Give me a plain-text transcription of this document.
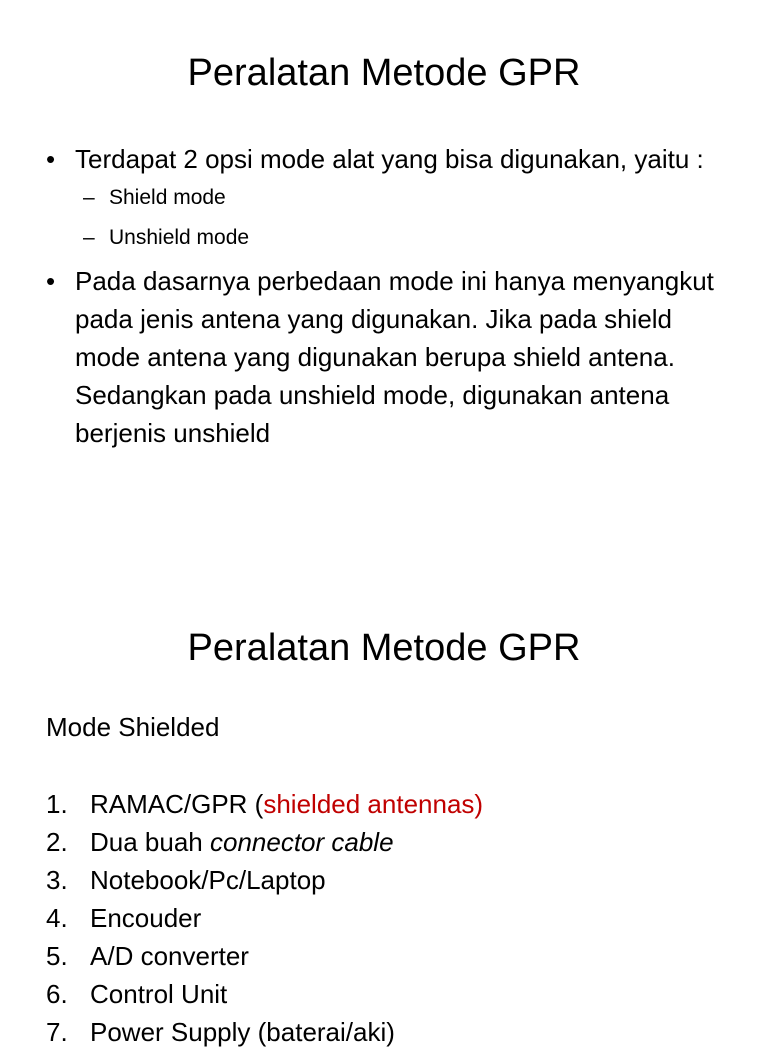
Peralatan Metode GPR
• Terdapat 2 opsi mode alat yang bisa digunakan, yaitu :
– Shield mode
– Unshield mode
• Pada dasarnya perbedaan mode ini hanya menyangkut pada jenis antena yang digunakan. Jika pada shield mode antena yang digunakan berupa shield antena. Sedangkan pada unshield mode, digunakan antena berjenis unshield
Peralatan Metode GPR
Mode Shielded
1. RAMAC/GPR (shielded antennas)
2. Dua buah connector cable
3. Notebook/Pc/Laptop
4. Encouder
5. A/D converter
6. Control Unit
7. Power Supply (baterai/aki)
